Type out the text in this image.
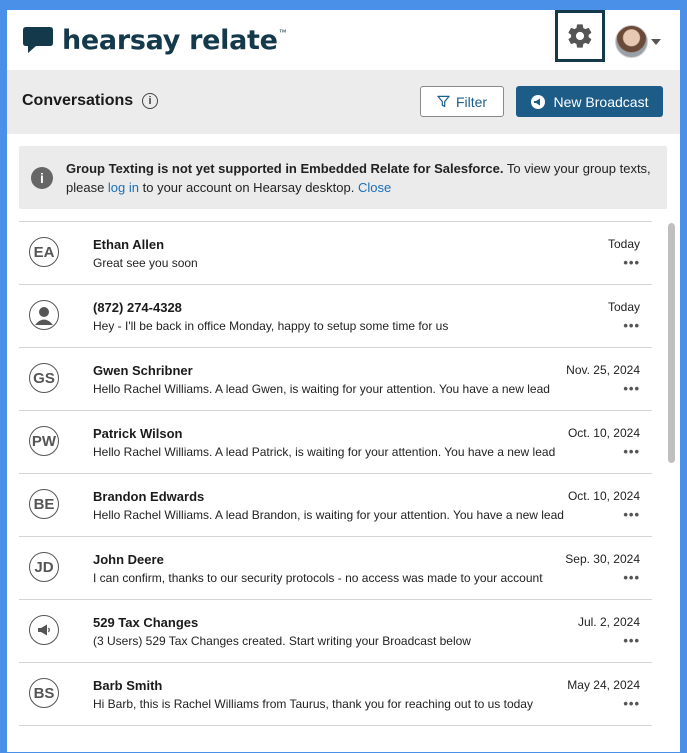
hearsay relate ™
Conversations	i	Filter	New Broadcast
i
Group Texting is not yet supported in Embedded Relate for Salesforce. To view your group texts, please log in to your account on Hearsay desktop. Close
EA	Ethan Allen
Great see you soon
Today
•••
(872) 274-4328
Hey - I'll be back in office Monday, happy to setup some time for us
Today
•••
GS	Gwen Schribner
Hello Rachel Williams. A lead Gwen, is waiting for your attention. You have a new lead
Nov. 25, 2024
•••
PW	Patrick Wilson
Hello Rachel Williams. A lead Patrick, is waiting for your attention. You have a new lead
Oct. 10, 2024
•••
BE	Brandon Edwards
Hello Rachel Williams. A lead Brandon, is waiting for your attention. You have a new lead
Oct. 10, 2024
•••
JD	John Deere
I can confirm, thanks to our security protocols - no access was made to your account
Sep. 30, 2024
•••
529 Tax Changes
(3 Users) 529 Tax Changes created. Start writing your Broadcast below
Jul. 2, 2024
•••
BS	Barb Smith
Hi Barb, this is Rachel Williams from Taurus, thank you for reaching out to us today
May 24, 2024
•••
